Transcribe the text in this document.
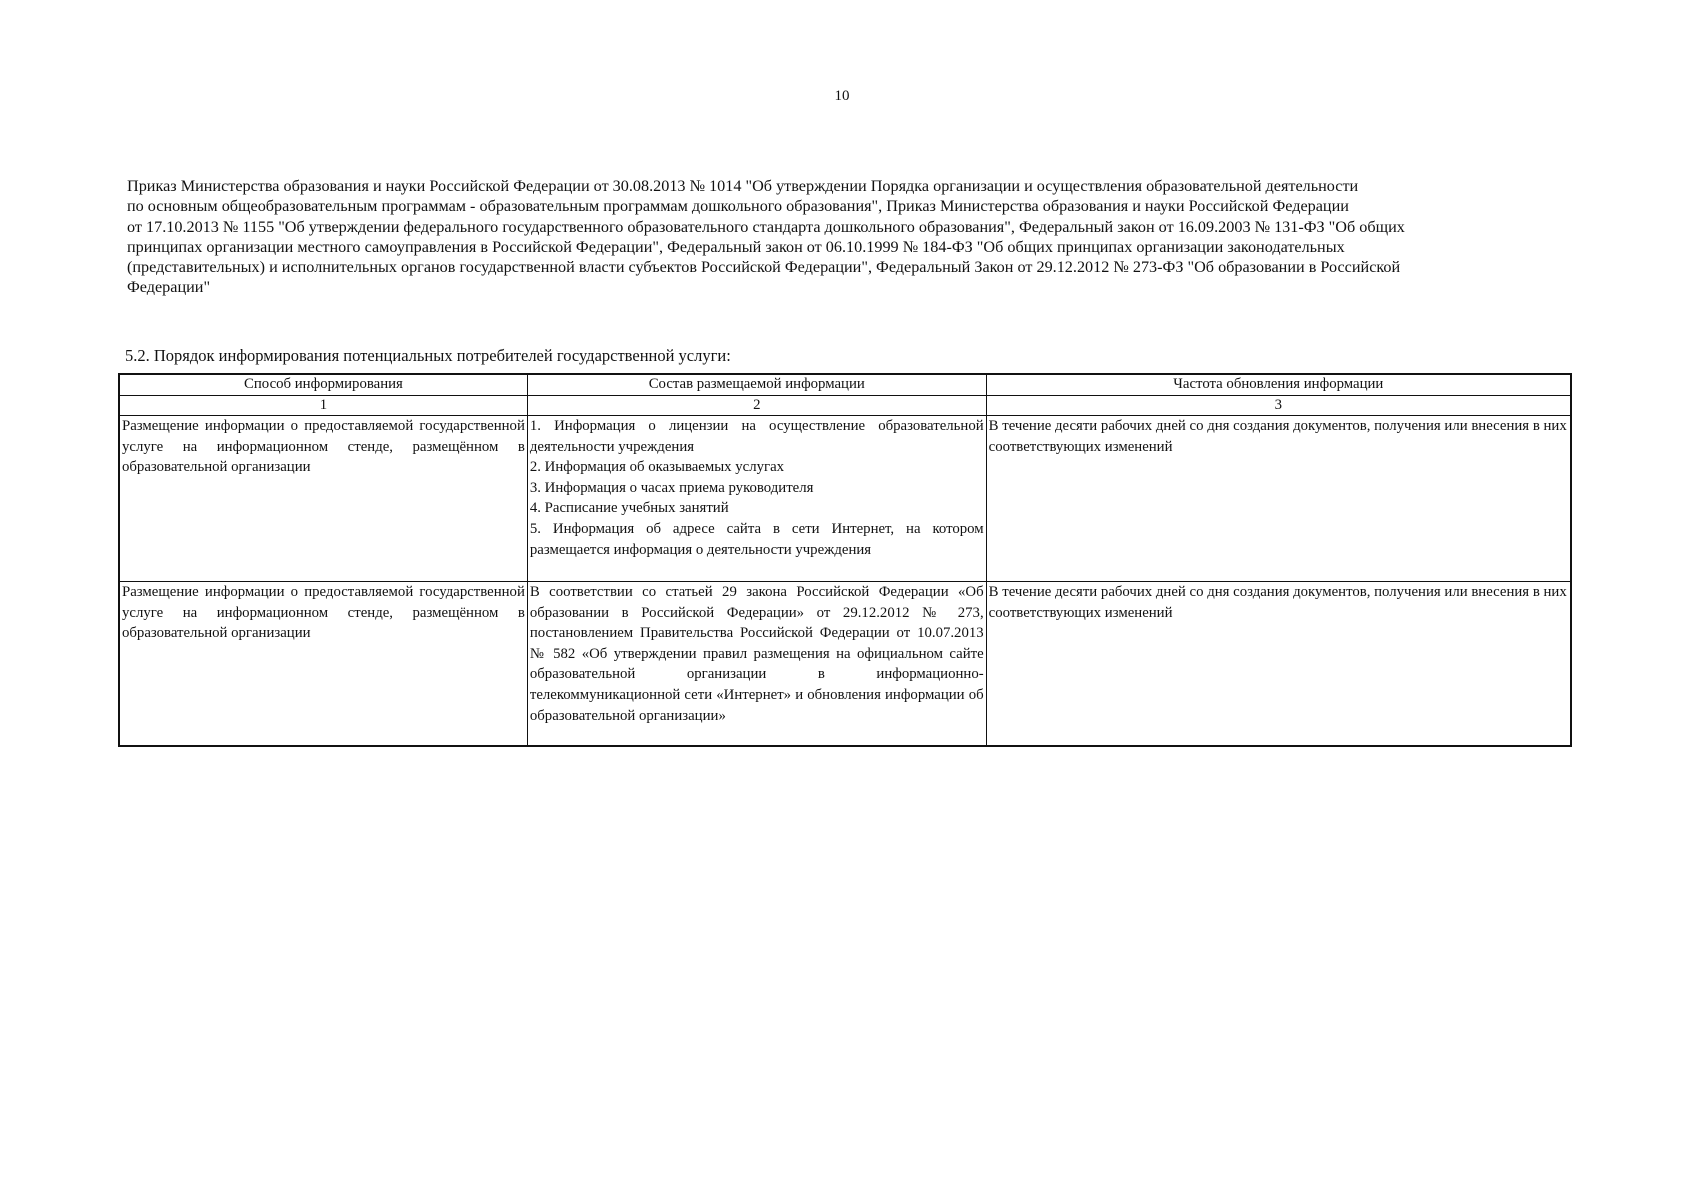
10
Приказ Министерства образования и науки Российской Федерации от 30.08.2013 № 1014 "Об утверждении Порядка организации и осуществления образовательной деятельности
по основным общеобразовательным программам - образовательным программам дошкольного образования", Приказ Министерства образования и науки Российской Федерации
от 17.10.2013 № 1155 "Об утверждении федерального государственного образовательного стандарта дошкольного образования", Федеральный закон от 16.09.2003 № 131-ФЗ "Об общих
принципах организации местного самоуправления в Российской Федерации", Федеральный закон от 06.10.1999 № 184-ФЗ "Об общих принципах организации законодательных
(представительных) и исполнительных органов государственной власти субъектов Российской Федерации", Федеральный Закон от 29.12.2012 № 273-ФЗ "Об образовании в Российской
Федерации"
5.2. Порядок информирования потенциальных потребителей государственной услуги:
Способ информирования	Состав размещаемой информации	Частота обновления информации
1	2	3
Размещение информации о предоставляемой государственной услуге на информационном стенде, размещённом в образовательной организации	1. Информация о лицензии на осуществление образовательной деятельности учреждения
2. Информация об оказываемых услугах
3. Информация о часах приема руководителя
4. Расписание учебных занятий
5. Информация об адресе сайта в сети Интернет, на котором размещается информация о деятельности учреждения	В течение десяти рабочих дней со дня создания документов, получения или внесения в них соответствующих изменений
Размещение информации о предоставляемой государственной услуге на информационном стенде, размещённом в образовательной организации	В соответствии со статьей 29 закона Российской Федерации «Об образовании в Российской Федерации» от 29.12.2012 № 273, постановлением Правительства Российской Федерации от 10.07.2013 № 582 «Об утверждении правил размещения на официальном сайте образовательной организации в информационно-телекоммуникационной сети «Интернет» и обновления информации об образовательной организации»	В течение десяти рабочих дней со дня создания документов, получения или внесения в них соответствующих изменений
